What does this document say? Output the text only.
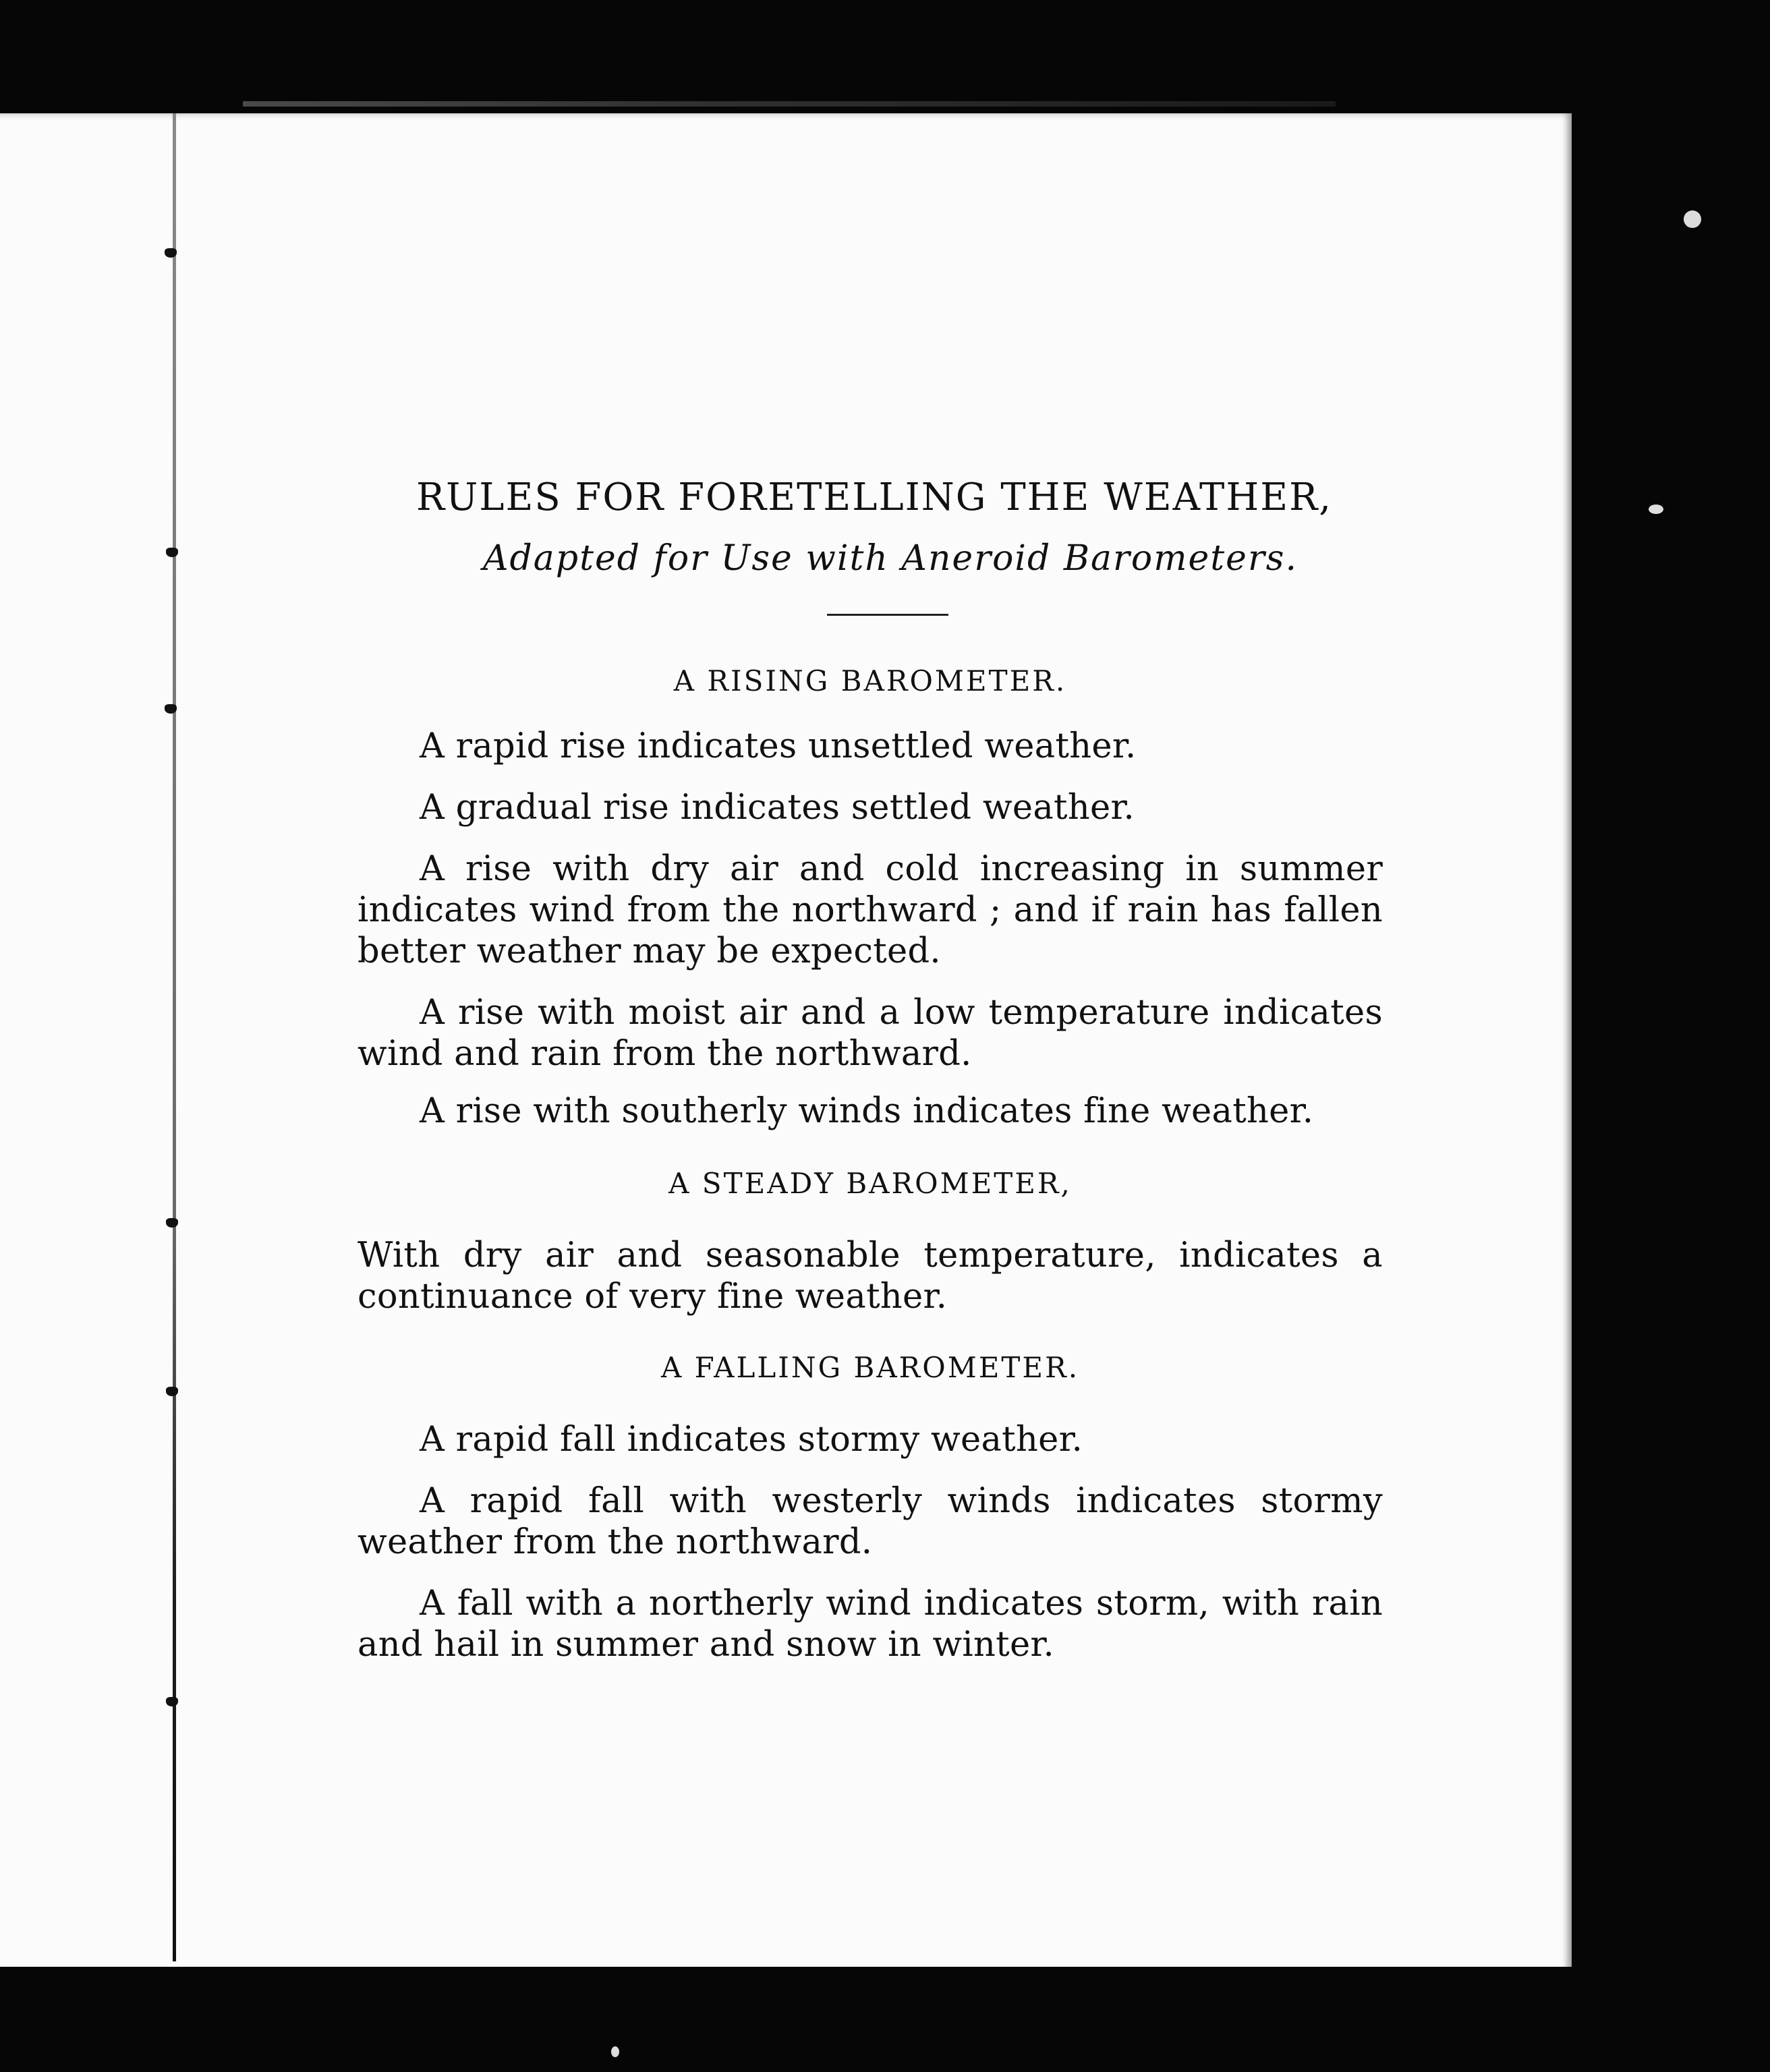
RULES FOR FORETELLING THE WEATHER,
Adapted for Use with Aneroid Barometers.
A RISING BAROMETER.

A rapid rise indicates unsettled weather.

A gradual rise indicates settled weather.

A rise with dry air and cold increasing in summer indicates wind from the northward ; and if rain has fallen better weather may be expected.

A rise with moist air and a low temperature indicates wind and rain from the northward.

A rise with southerly winds indicates fine weather.

A STEADY BAROMETER,

With dry air and seasonable temperature, indicates a continuance of very fine weather.

A FALLING BAROMETER.

A rapid fall indicates stormy weather.

A rapid fall with westerly winds indicates stormy weather from the northward.

A fall with a northerly wind indicates storm, with rain and hail in summer and snow in winter.
